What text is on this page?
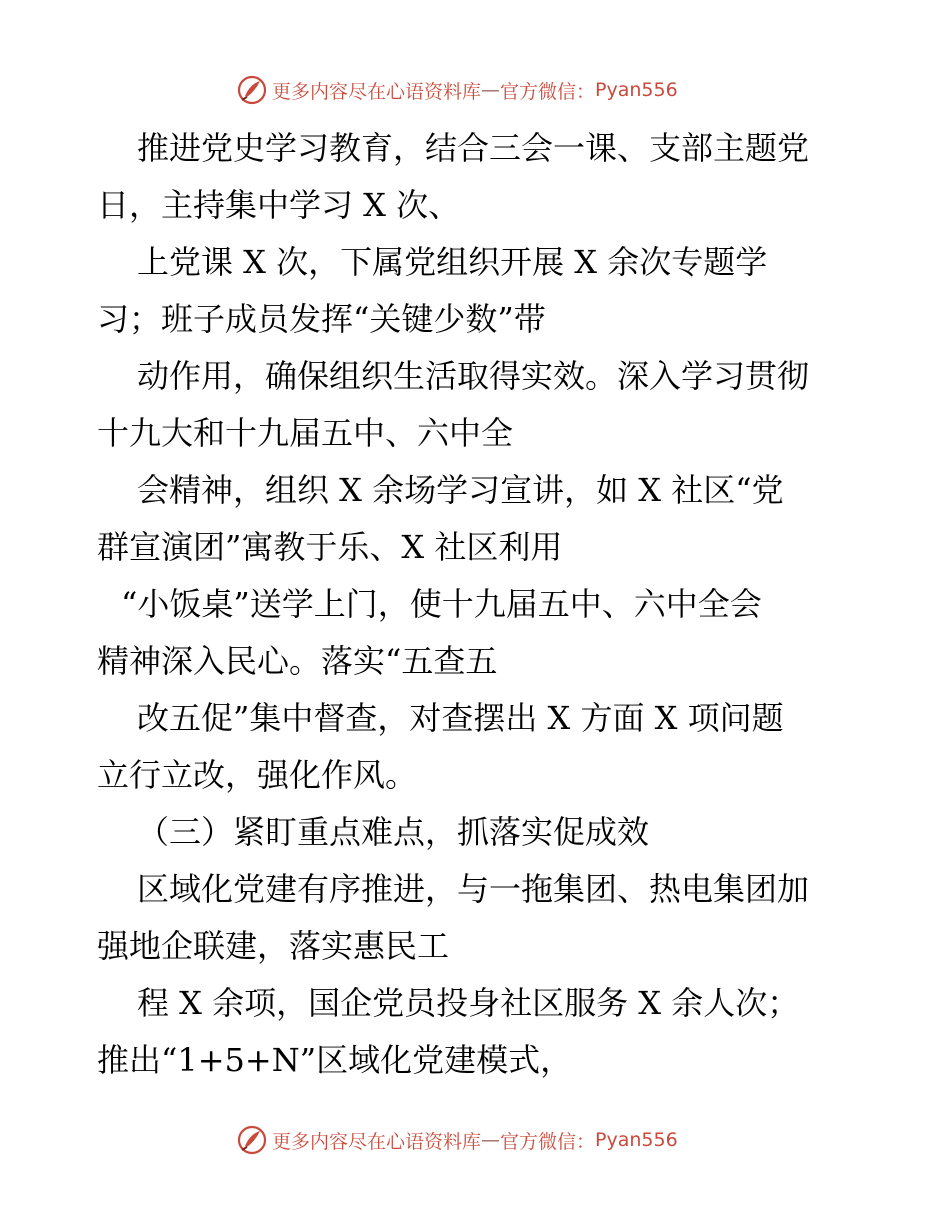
更多内容尽在心语资料库 — 官方微信： Pyan556
推进党史学习教育，结合三会一课、支部主题党
日，主持集中学习 X 次、
上党课 X 次，下属党组织开展 X 余次专题学
习；班子成员发挥“关键少数”带
动作用，确保组织生活取得实效。深入学习贯彻
十九大和十九届五中、六中全
会精神，组织 X 余场学习宣讲，如 X 社区“党
群宣演团”寓教于乐、X 社区利用
“小饭桌”送学上门，使十九届五中、六中全会
精神深入民心。落实“五查五
改五促”集中督查，对查摆出 X 方面 X 项问题
立行立改，强化作风。
（三）紧盯重点难点，抓落实促成效
区域化党建有序推进，与一拖集团、热电集团加
强地企联建，落实惠民工
程 X 余项，国企党员投身社区服务 X 余人次；
推出“1+5+N”区域化党建模式，
更多内容尽在心语资料库 — 官方微信： Pyan556
